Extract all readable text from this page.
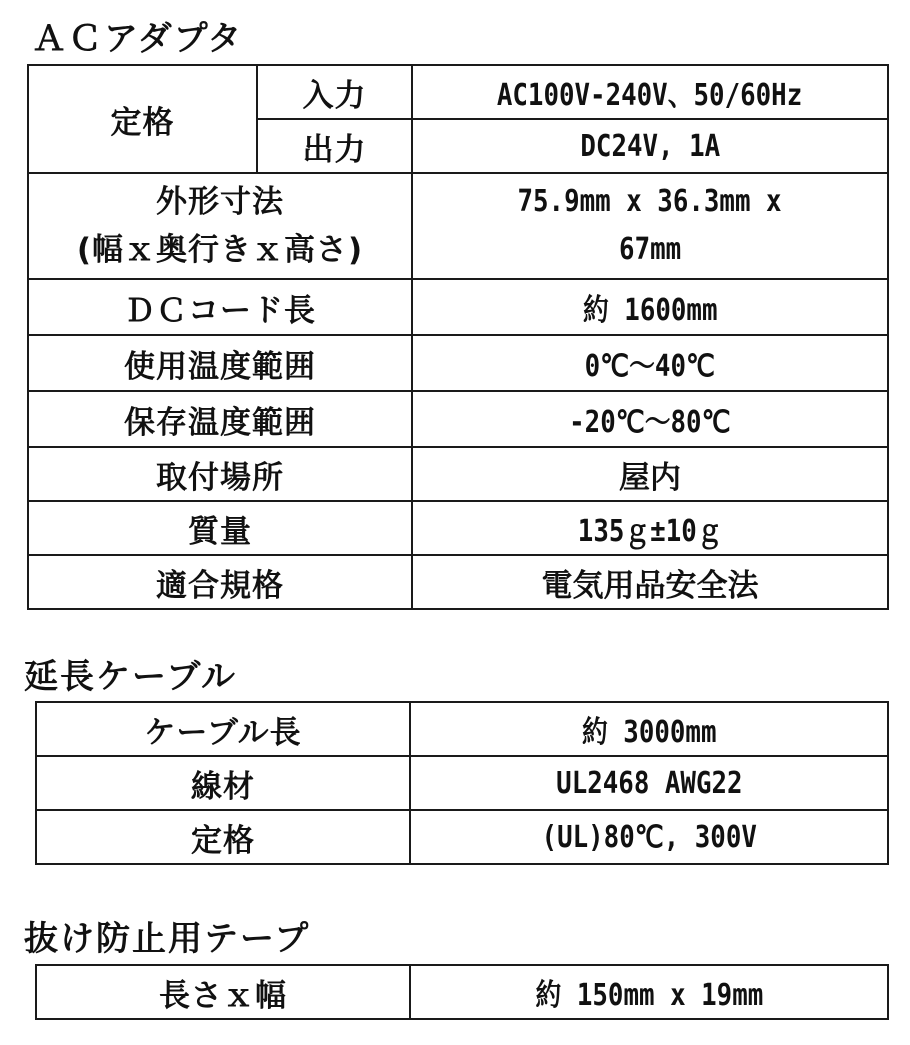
ＡＣアダプタ
定格	入力	AC100V-240V、50/60Hz
	出力	DC24V, 1A

外形寸法
(幅ｘ奥行きｘ高さ)		75.9mm x 36.3mm x
67mm

ＤＣコード長		約 1600mm
使用温度範囲		0℃～40℃
保存温度範囲		-20℃～80℃
取付場所		屋内
質量		135ｇ±10ｇ
適合規格		電気用品安全法
延長ケーブル
ケーブル長	約 3000mm
線材	UL2468 AWG22
定格	(UL)80℃, 300V
抜け防止用テープ
長さｘ幅	約 150mm x 19mm
